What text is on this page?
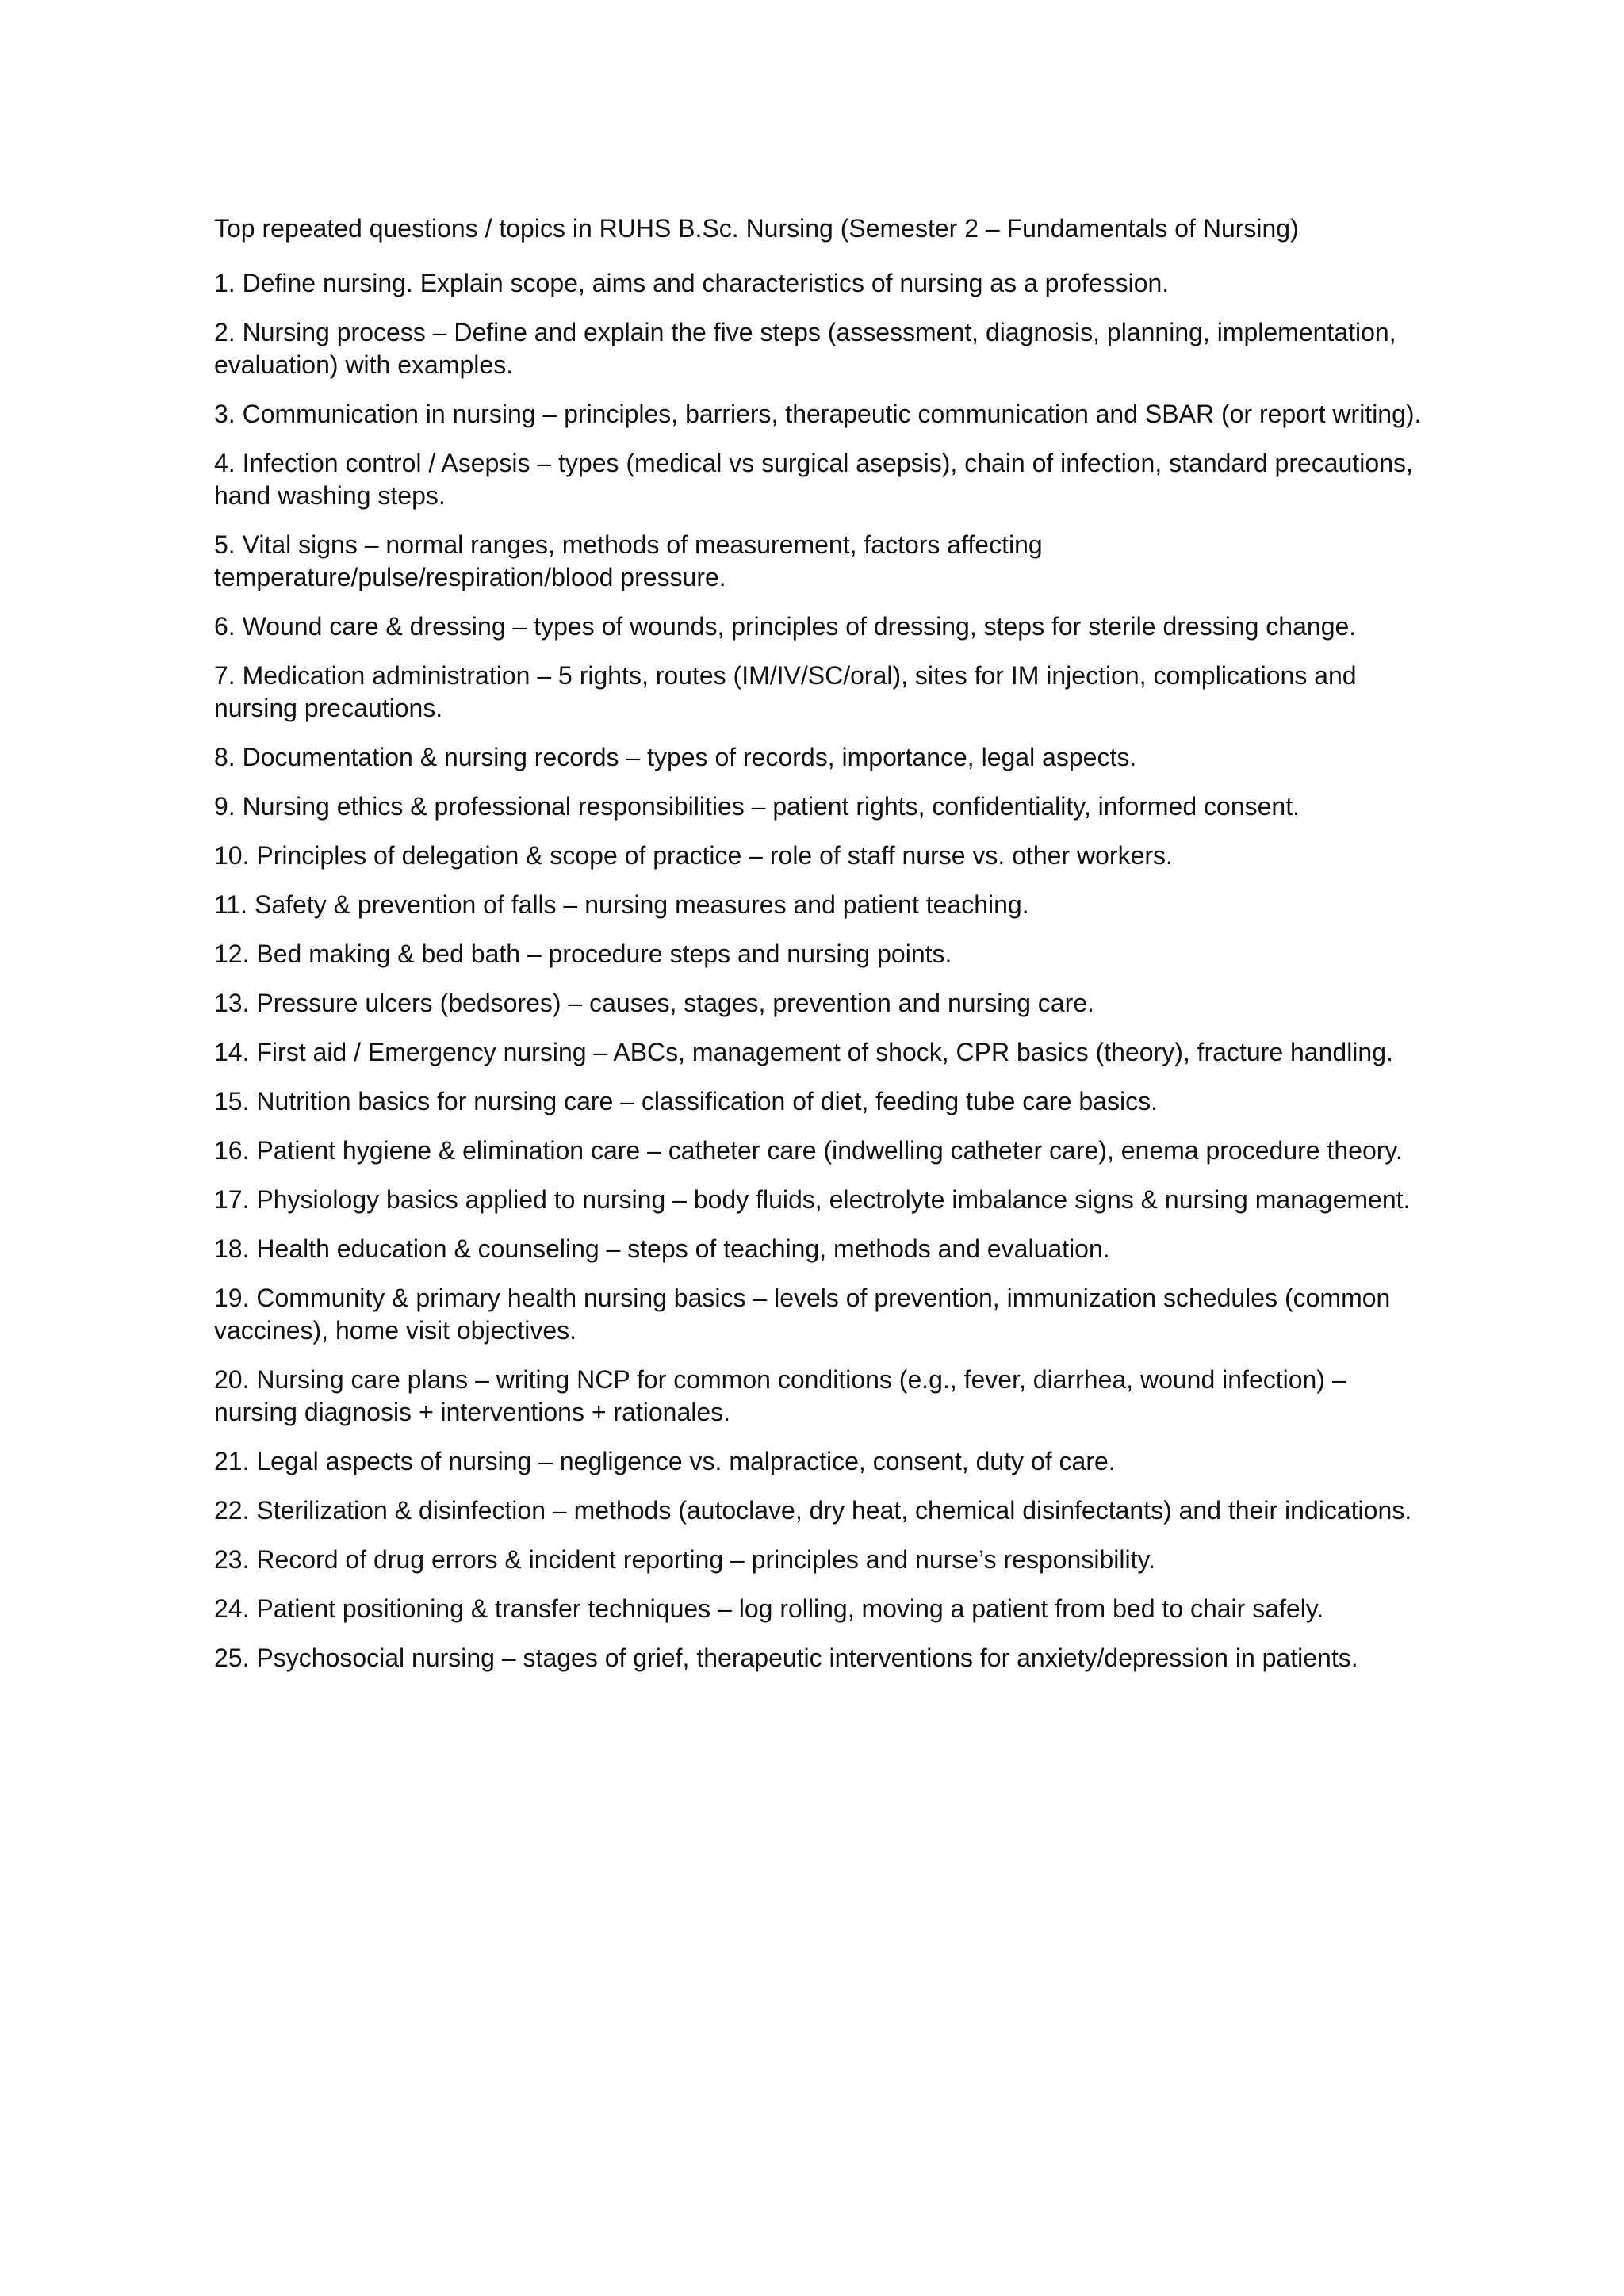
Top repeated questions / topics in RUHS B.Sc. Nursing (Semester 2 – Fundamentals of Nursing)

1. Define nursing. Explain scope, aims and characteristics of nursing as a profession.
2. Nursing process – Define and explain the five steps (assessment, diagnosis, planning, implementation, evaluation) with examples.
3. Communication in nursing – principles, barriers, therapeutic communication and SBAR (or report writing).
4. Infection control / Asepsis – types (medical vs surgical asepsis), chain of infection, standard precautions, hand washing steps.
5. Vital signs – normal ranges, methods of measurement, factors affecting temperature/pulse/respiration/blood pressure.
6. Wound care & dressing – types of wounds, principles of dressing, steps for sterile dressing change.
7. Medication administration – 5 rights, routes (IM/IV/SC/oral), sites for IM injection, complications and nursing precautions.
8. Documentation & nursing records – types of records, importance, legal aspects.
9. Nursing ethics & professional responsibilities – patient rights, confidentiality, informed consent.
10. Principles of delegation & scope of practice – role of staff nurse vs. other workers.
11. Safety & prevention of falls – nursing measures and patient teaching.
12. Bed making & bed bath – procedure steps and nursing points.
13. Pressure ulcers (bedsores) – causes, stages, prevention and nursing care.
14. First aid / Emergency nursing – ABCs, management of shock, CPR basics (theory), fracture handling.
15. Nutrition basics for nursing care – classification of diet, feeding tube care basics.
16. Patient hygiene & elimination care – catheter care (indwelling catheter care), enema procedure theory.
17. Physiology basics applied to nursing – body fluids, electrolyte imbalance signs & nursing management.
18. Health education & counseling – steps of teaching, methods and evaluation.
19. Community & primary health nursing basics – levels of prevention, immunization schedules (common vaccines), home visit objectives.
20. Nursing care plans – writing NCP for common conditions (e.g., fever, diarrhea, wound infection) – nursing diagnosis + interventions + rationales.
21. Legal aspects of nursing – negligence vs. malpractice, consent, duty of care.
22. Sterilization & disinfection – methods (autoclave, dry heat, chemical disinfectants) and their indications.
23. Record of drug errors & incident reporting – principles and nurse’s responsibility.
24. Patient positioning & transfer techniques – log rolling, moving a patient from bed to chair safely.
25. Psychosocial nursing – stages of grief, therapeutic interventions for anxiety/depression in patients.
